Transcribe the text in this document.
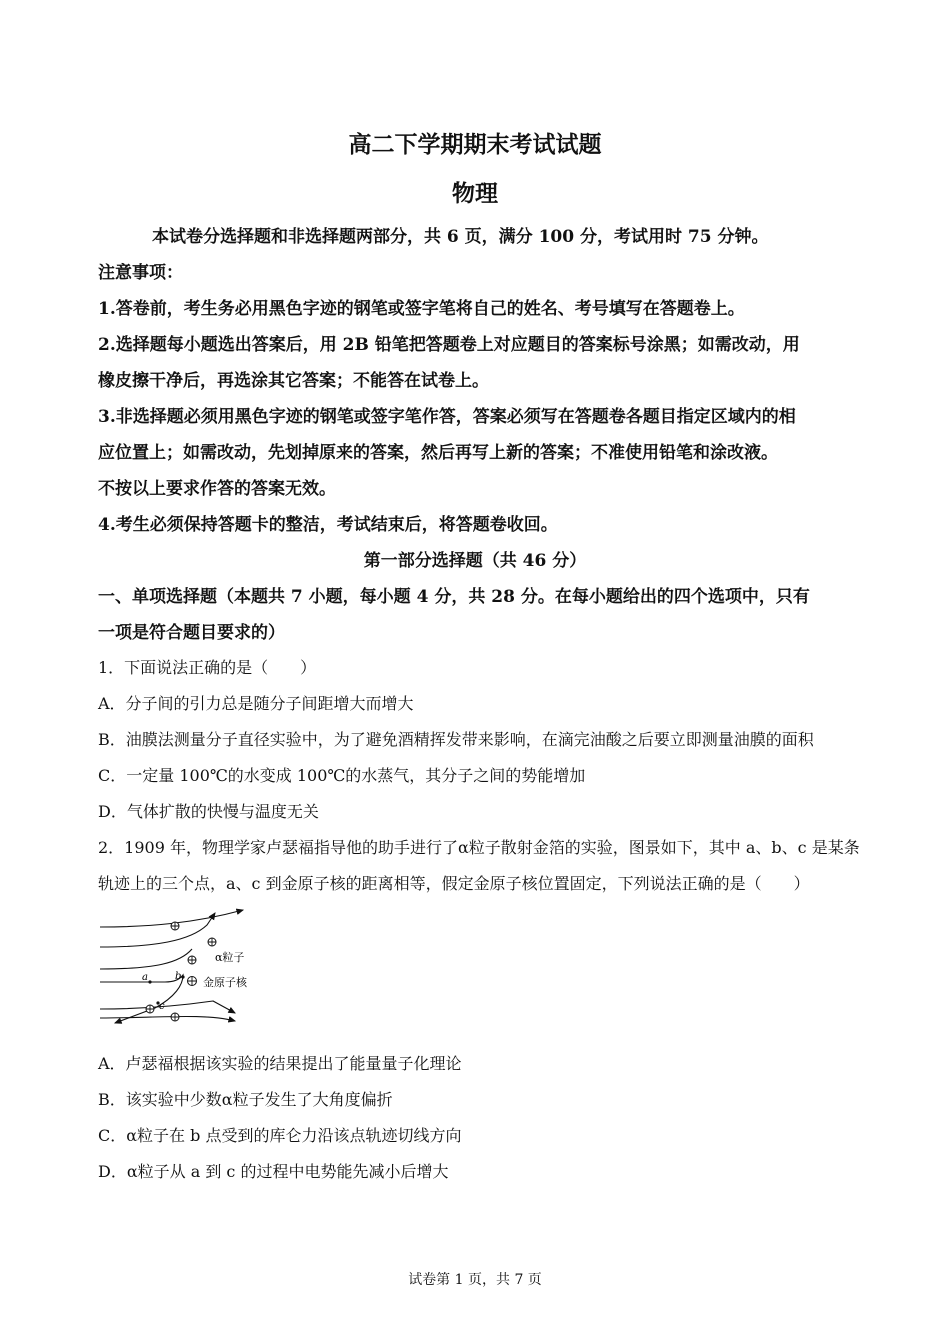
高二下学期期末考试试题
物理
本试卷分选择题和非选择题两部分，共 6 页，满分 100 分，考试用时 75 分钟。
注意事项：
1.答卷前，考生务必用黑色字迹的钢笔或签字笔将自己的姓名、考号填写在答题卷上。
2.选择题每小题选出答案后，用 2B 铅笔把答题卷上对应题目的答案标号涂黑；如需改动，用
橡皮擦干净后，再选涂其它答案；不能答在试卷上。
3.非选择题必须用黑色字迹的钢笔或签字笔作答，答案必须写在答题卷各题目指定区域内的相
应位置上；如需改动，先划掉原来的答案，然后再写上新的答案；不准使用铅笔和涂改液。
不按以上要求作答的答案无效。
4.考生必须保持答题卡的整洁，考试结束后，将答题卷收回。
第一部分选择题（共 46 分）
一、单项选择题（本题共 7 小题，每小题 4 分，共 28 分。在每小题给出的四个选项中，只有
一项是符合题目要求的）
1．下面说法正确的是（　　）
A．分子间的引力总是随分子间距增大而增大
B．油膜法测量分子直径实验中，为了避免酒精挥发带来影响，在滴完油酸之后要立即测量油膜的面积
C．一定量 100℃的水变成 100℃的水蒸气，其分子之间的势能增加
D．气体扩散的快慢与温度无关
2．1909 年，物理学家卢瑟福指导他的助手进行了α粒子散射金箔的实验，图景如下，其中 a、b、c 是某条
轨迹上的三个点，a、c 到金原子核的距离相等，假定金原子核位置固定，下列说法正确的是（　　）
a	b
c
α粒子
金原子核
A．卢瑟福根据该实验的结果提出了能量量子化理论
B．该实验中少数α粒子发生了大角度偏折
C．α粒子在 b 点受到的库仑力沿该点轨迹切线方向
D．α粒子从 a 到 c 的过程中电势能先减小后增大
试卷第 1 页，共 7 页
